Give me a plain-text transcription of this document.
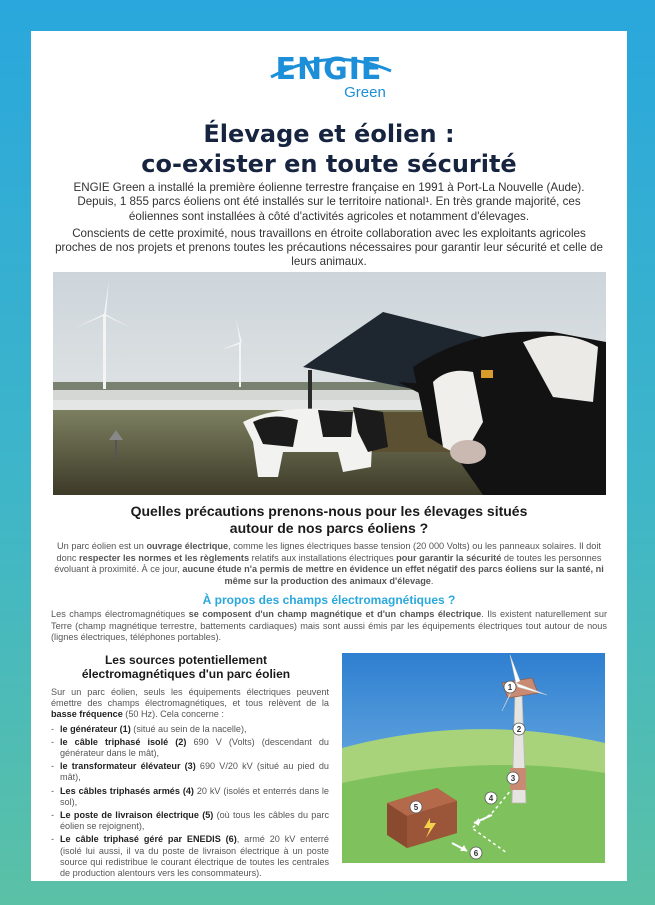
ENGIE
Green
Élevage et éolien :
co-exister en toute sécurité

ENGIE Green a installé la première éolienne terrestre française en 1991 à Port-La Nouvelle (Aude). Depuis, 1 855 parcs éoliens ont été installés sur le territoire national¹. En très grande majorité, ces éoliennes sont installées à côté d'activités agricoles et notamment d'élevages.

Conscients de cette proximité, nous travaillons en étroite collaboration avec les exploitants agricoles proches de nos projets et prenons toutes les précautions nécessaires pour garantir leur sécurité et celle de leurs animaux.

Quelles précautions prenons-nous pour les élevages situés
autour de nos parcs éoliens ?
Un parc éolien est un ouvrage électrique, comme les lignes électriques basse tension (20 000 Volts) ou les panneaux solaires. Il doit donc respecter les normes et les règlements relatifs aux installations électriques pour garantir la sécurité de toutes les personnes évoluant à proximité. À ce jour, aucune étude n'a permis de mettre en évidence un effet négatif des parcs éoliens sur la santé, ni même sur la production des animaux d'élevage.
À propos des champs électromagnétiques ?
Les champs électromagnétiques se composent d'un champ magnétique et d'un champs électrique. Ils existent naturellement sur Terre (champ magnétique terrestre, battements cardiaques) mais sont aussi émis par les équipements électriques tout autour de nous (lignes électriques, téléphones portables).
Les sources potentiellement
électromagnétiques d'un parc éolien

Sur un parc éolien, seuls les équipements électriques peuvent émettre des champs électromagnétiques, et tous relèvent de la basse fréquence (50 Hz). Cela concerne :

- le générateur (1) (situé au sein de la nacelle),
- le câble triphasé isolé (2) 690 V (Volts) (descendant du générateur dans le mât),
- le transformateur élévateur (3) 690 V/20 kV (situé au pied du mât),
- Les câbles triphasés armés (4) 20 kV (isolés et enterrés dans le sol),
- Le poste de livraison électrique (5) (où tous les câbles du parc éolien se rejoignent),
- Le câble triphasé géré par ENEDIS (6), armé 20 kV enterré (isolé lui aussi, il va du poste de livraison électrique à un poste source qui redistribue le courant électrique de toutes les centrales de production alentours vers les consommateurs).
1
2
3
4
5
6
